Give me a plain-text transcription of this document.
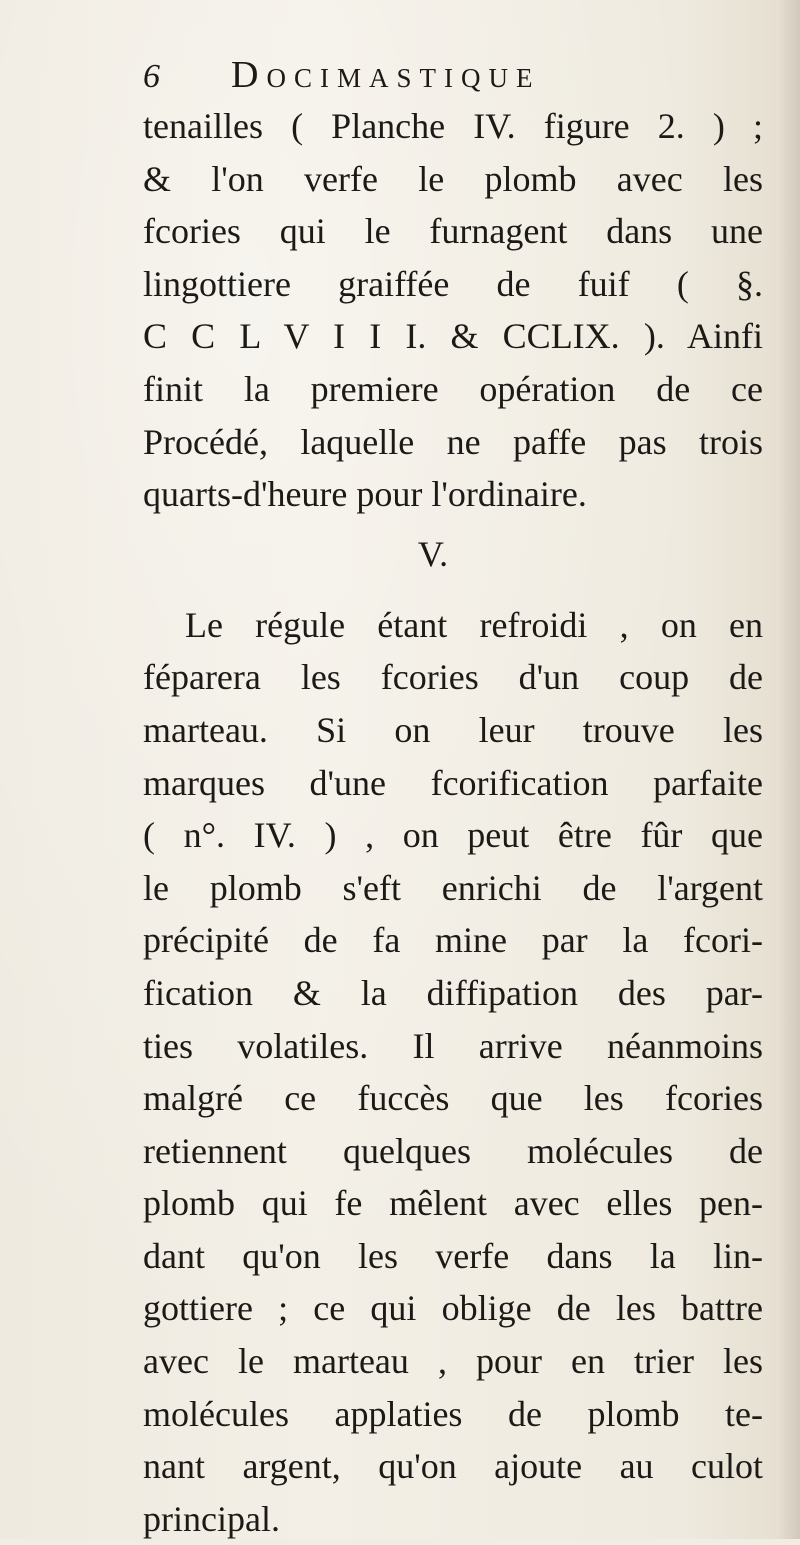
6 Docimastique
tenailles ( Planche IV. figure 2. ) ;
& l'on verfe le plomb avec les
fcories qui le furnagent dans une
lingottiere graiffée de fuif ( §.
C C L V I I I. & CCLIX. ). Ainfi
finit la premiere opération de ce
Procédé, laquelle ne paffe pas trois
quarts-d'heure pour l'ordinaire.
V.
Le régule étant refroidi , on en
féparera les fcories d'un coup de
marteau. Si on leur trouve les
marques d'une fcorification parfaite
( n°. IV. ) , on peut être fûr que
le plomb s'eft enrichi de l'argent
précipité de fa mine par la fcori-
fication & la diffipation des par-
ties volatiles. Il arrive néanmoins
malgré ce fuccès que les fcories
retiennent quelques molécules de
plomb qui fe mêlent avec elles pen-
dant qu'on les verfe dans la lin-
gottiere ; ce qui oblige de les battre
avec le marteau , pour en trier les
molécules applaties de plomb te-
nant argent, qu'on ajoute au culot
principal.
